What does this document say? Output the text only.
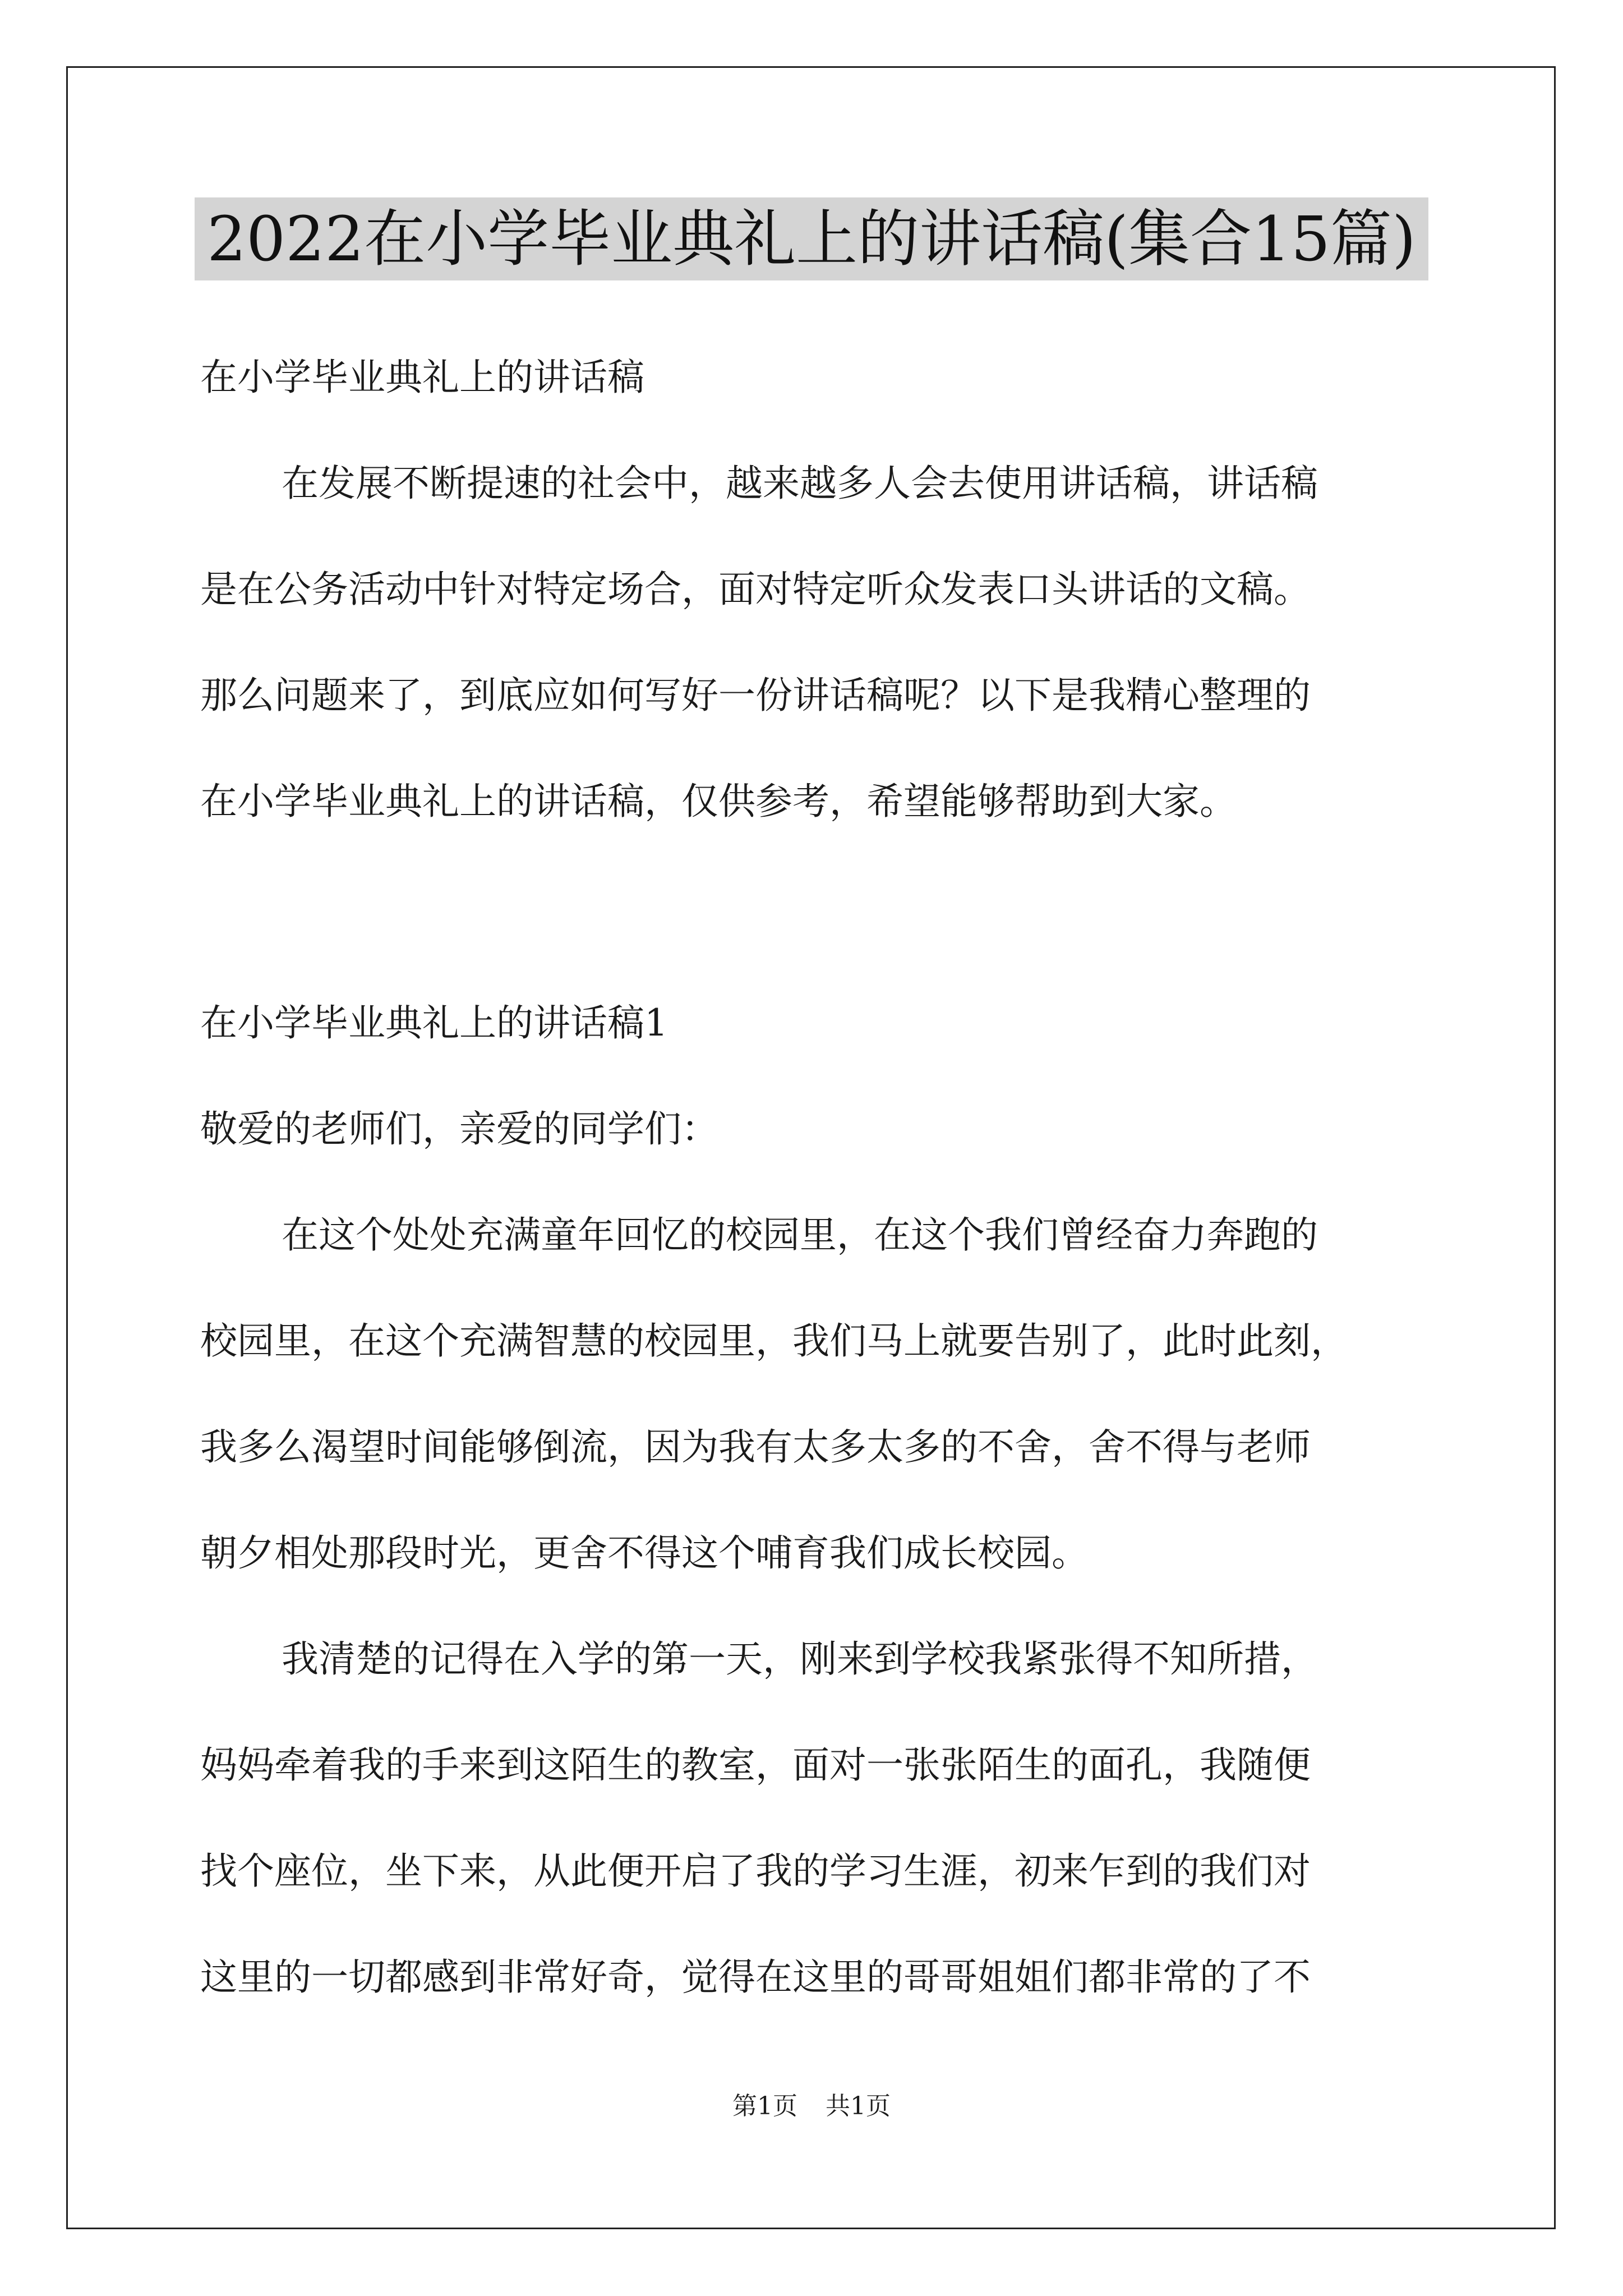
2022在小学毕业典礼上的讲话稿(集合15篇)
在小学毕业典礼上的讲话稿
在发展不断提速的社会中，越来越多人会去使用讲话稿，讲话稿
是在公务活动中针对特定场合，面对特定听众发表口头讲话的文稿。
那么问题来了，到底应如何写好一份讲话稿呢？以下是我精心整理的
在小学毕业典礼上的讲话稿，仅供参考，希望能够帮助到大家。
在小学毕业典礼上的讲话稿1
敬爱的老师们，亲爱的同学们：
在这个处处充满童年回忆的校园里，在这个我们曾经奋力奔跑的
校园里，在这个充满智慧的校园里，我们马上就要告别了，此时此刻，
我多么渴望时间能够倒流，因为我有太多太多的不舍，舍不得与老师
朝夕相处那段时光，更舍不得这个哺育我们成长校园。
我清楚的记得在入学的第一天，刚来到学校我紧张得不知所措，
妈妈牵着我的手来到这陌生的教室，面对一张张陌生的面孔，我随便
找个座位，坐下来，从此便开启了我的学习生涯，初来乍到的我们对
这里的一切都感到非常好奇，觉得在这里的哥哥姐姐们都非常的了不
第1页 共1页
